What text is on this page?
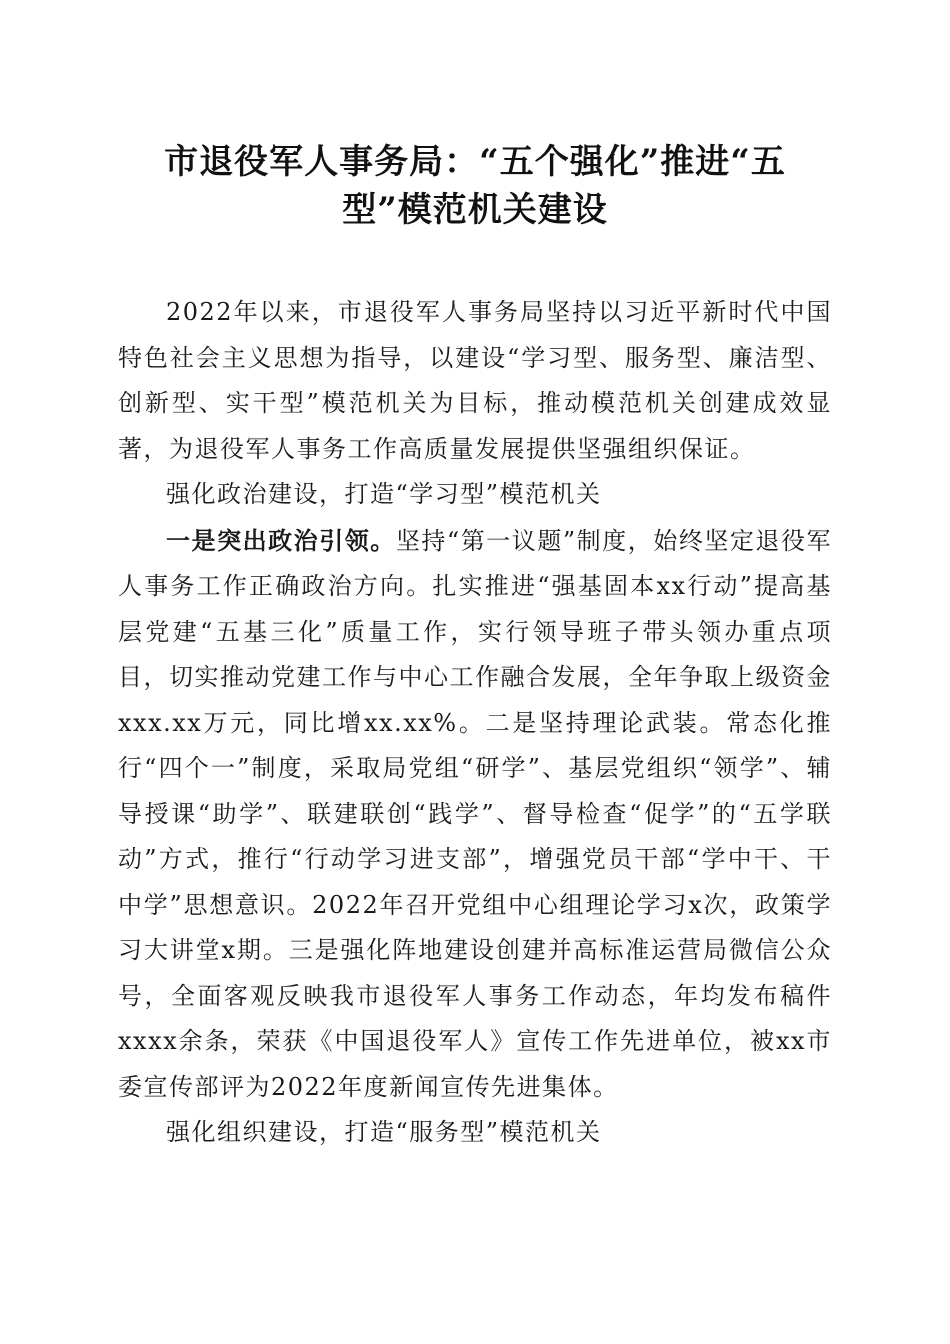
市退役军人事务局：“五个强化”推进“五
型”模范机关建设

2022年以来，市退役军人事务局坚持以习近平新时代中国特色社会主义思想为指导，以建设“学习型、服务型、廉洁型、创新型、实干型”模范机关为目标，推动模范机关创建成效显著，为退役军人事务工作高质量发展提供坚强组织保证。

强化政治建设，打造“学习型”模范机关

一是突出政治引领。坚持“第一议题”制度，始终坚定退役军人事务工作正确政治方向。扎实推进“强基固本xx行动”提高基层党建“五基三化”质量工作，实行领导班子带头领办重点项目，切实推动党建工作与中心工作融合发展，全年争取上级资金xxx.xx万元，同比增xx.xx%。二是坚持理论武装。常态化推行“四个一”制度，采取局党组“研学”、基层党组织“领学”、辅导授课“助学”、联建联创“践学”、督导检查“促学”的“五学联动”方式，推行“行动学习进支部”，增强党员干部“学中干、干中学”思想意识。2022年召开党组中心组理论学习x次，政策学习大讲堂x期。三是强化阵地建设创建并高标准运营局微信公众号，全面客观反映我市退役军人事务工作动态，年均发布稿件xxxx余条，荣获《中国退役军人》宣传工作先进单位，被xx市委宣传部评为2022年度新闻宣传先进集体。

强化组织建设，打造“服务型”模范机关
